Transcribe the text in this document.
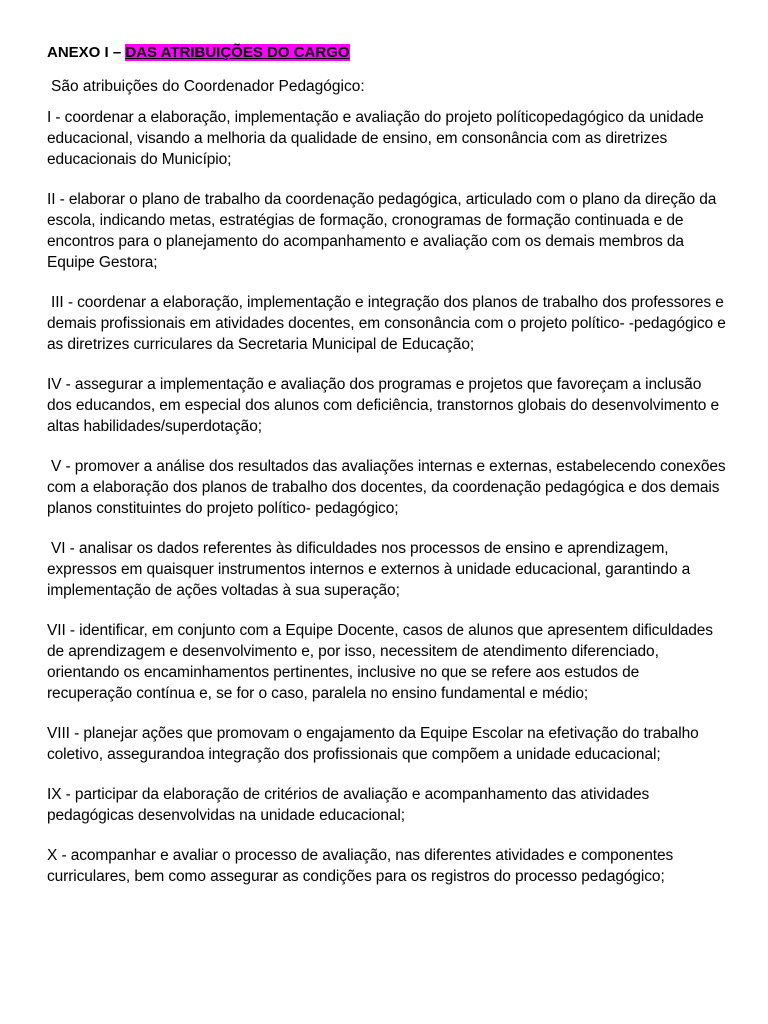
ANEXO I – DAS ATRIBUIÇÕES DO CARGO

São atribuições do Coordenador Pedagógico:

I - coordenar a elaboração, implementação e avaliação do projeto políticopedagógico da unidade educacional, visando a melhoria da qualidade de ensino, em consonância com as diretrizes educacionais do Município;

II - elaborar o plano de trabalho da coordenação pedagógica, articulado com o plano da direção da escola, indicando metas, estratégias de formação, cronogramas de formação continuada e de encontros para o planejamento do acompanhamento e avaliação com os demais membros da Equipe Gestora;

III - coordenar a elaboração, implementação e integração dos planos de trabalho dos professores e demais profissionais em atividades docentes, em consonância com o projeto político- -pedagógico e as diretrizes curriculares da Secretaria Municipal de Educação;

IV - assegurar a implementação e avaliação dos programas e projetos que favoreçam a inclusão dos educandos, em especial dos alunos com deficiência, transtornos globais do desenvolvimento e altas habilidades/superdotação;

V - promover a análise dos resultados das avaliações internas e externas, estabelecendo conexões com a elaboração dos planos de trabalho dos docentes, da coordenação pedagógica e dos demais planos constituintes do projeto político- pedagógico;

VI - analisar os dados referentes às dificuldades nos processos de ensino e aprendizagem, expressos em quaisquer instrumentos internos e externos à unidade educacional, garantindo a implementação de ações voltadas à sua superação;

VII - identificar, em conjunto com a Equipe Docente, casos de alunos que apresentem dificuldades de aprendizagem e desenvolvimento e, por isso, necessitem de atendimento diferenciado, orientando os encaminhamentos pertinentes, inclusive no que se refere aos estudos de recuperação contínua e, se for o caso, paralela no ensino fundamental e médio;

VIII - planejar ações que promovam o engajamento da Equipe Escolar na efetivação do trabalho coletivo, assegurandoa integração dos profissionais que compõem a unidade educacional;

IX - participar da elaboração de critérios de avaliação e acompanhamento das atividades pedagógicas desenvolvidas na unidade educacional;

X - acompanhar e avaliar o processo de avaliação, nas diferentes atividades e componentes curriculares, bem como assegurar as condições para os registros do processo pedagógico;
